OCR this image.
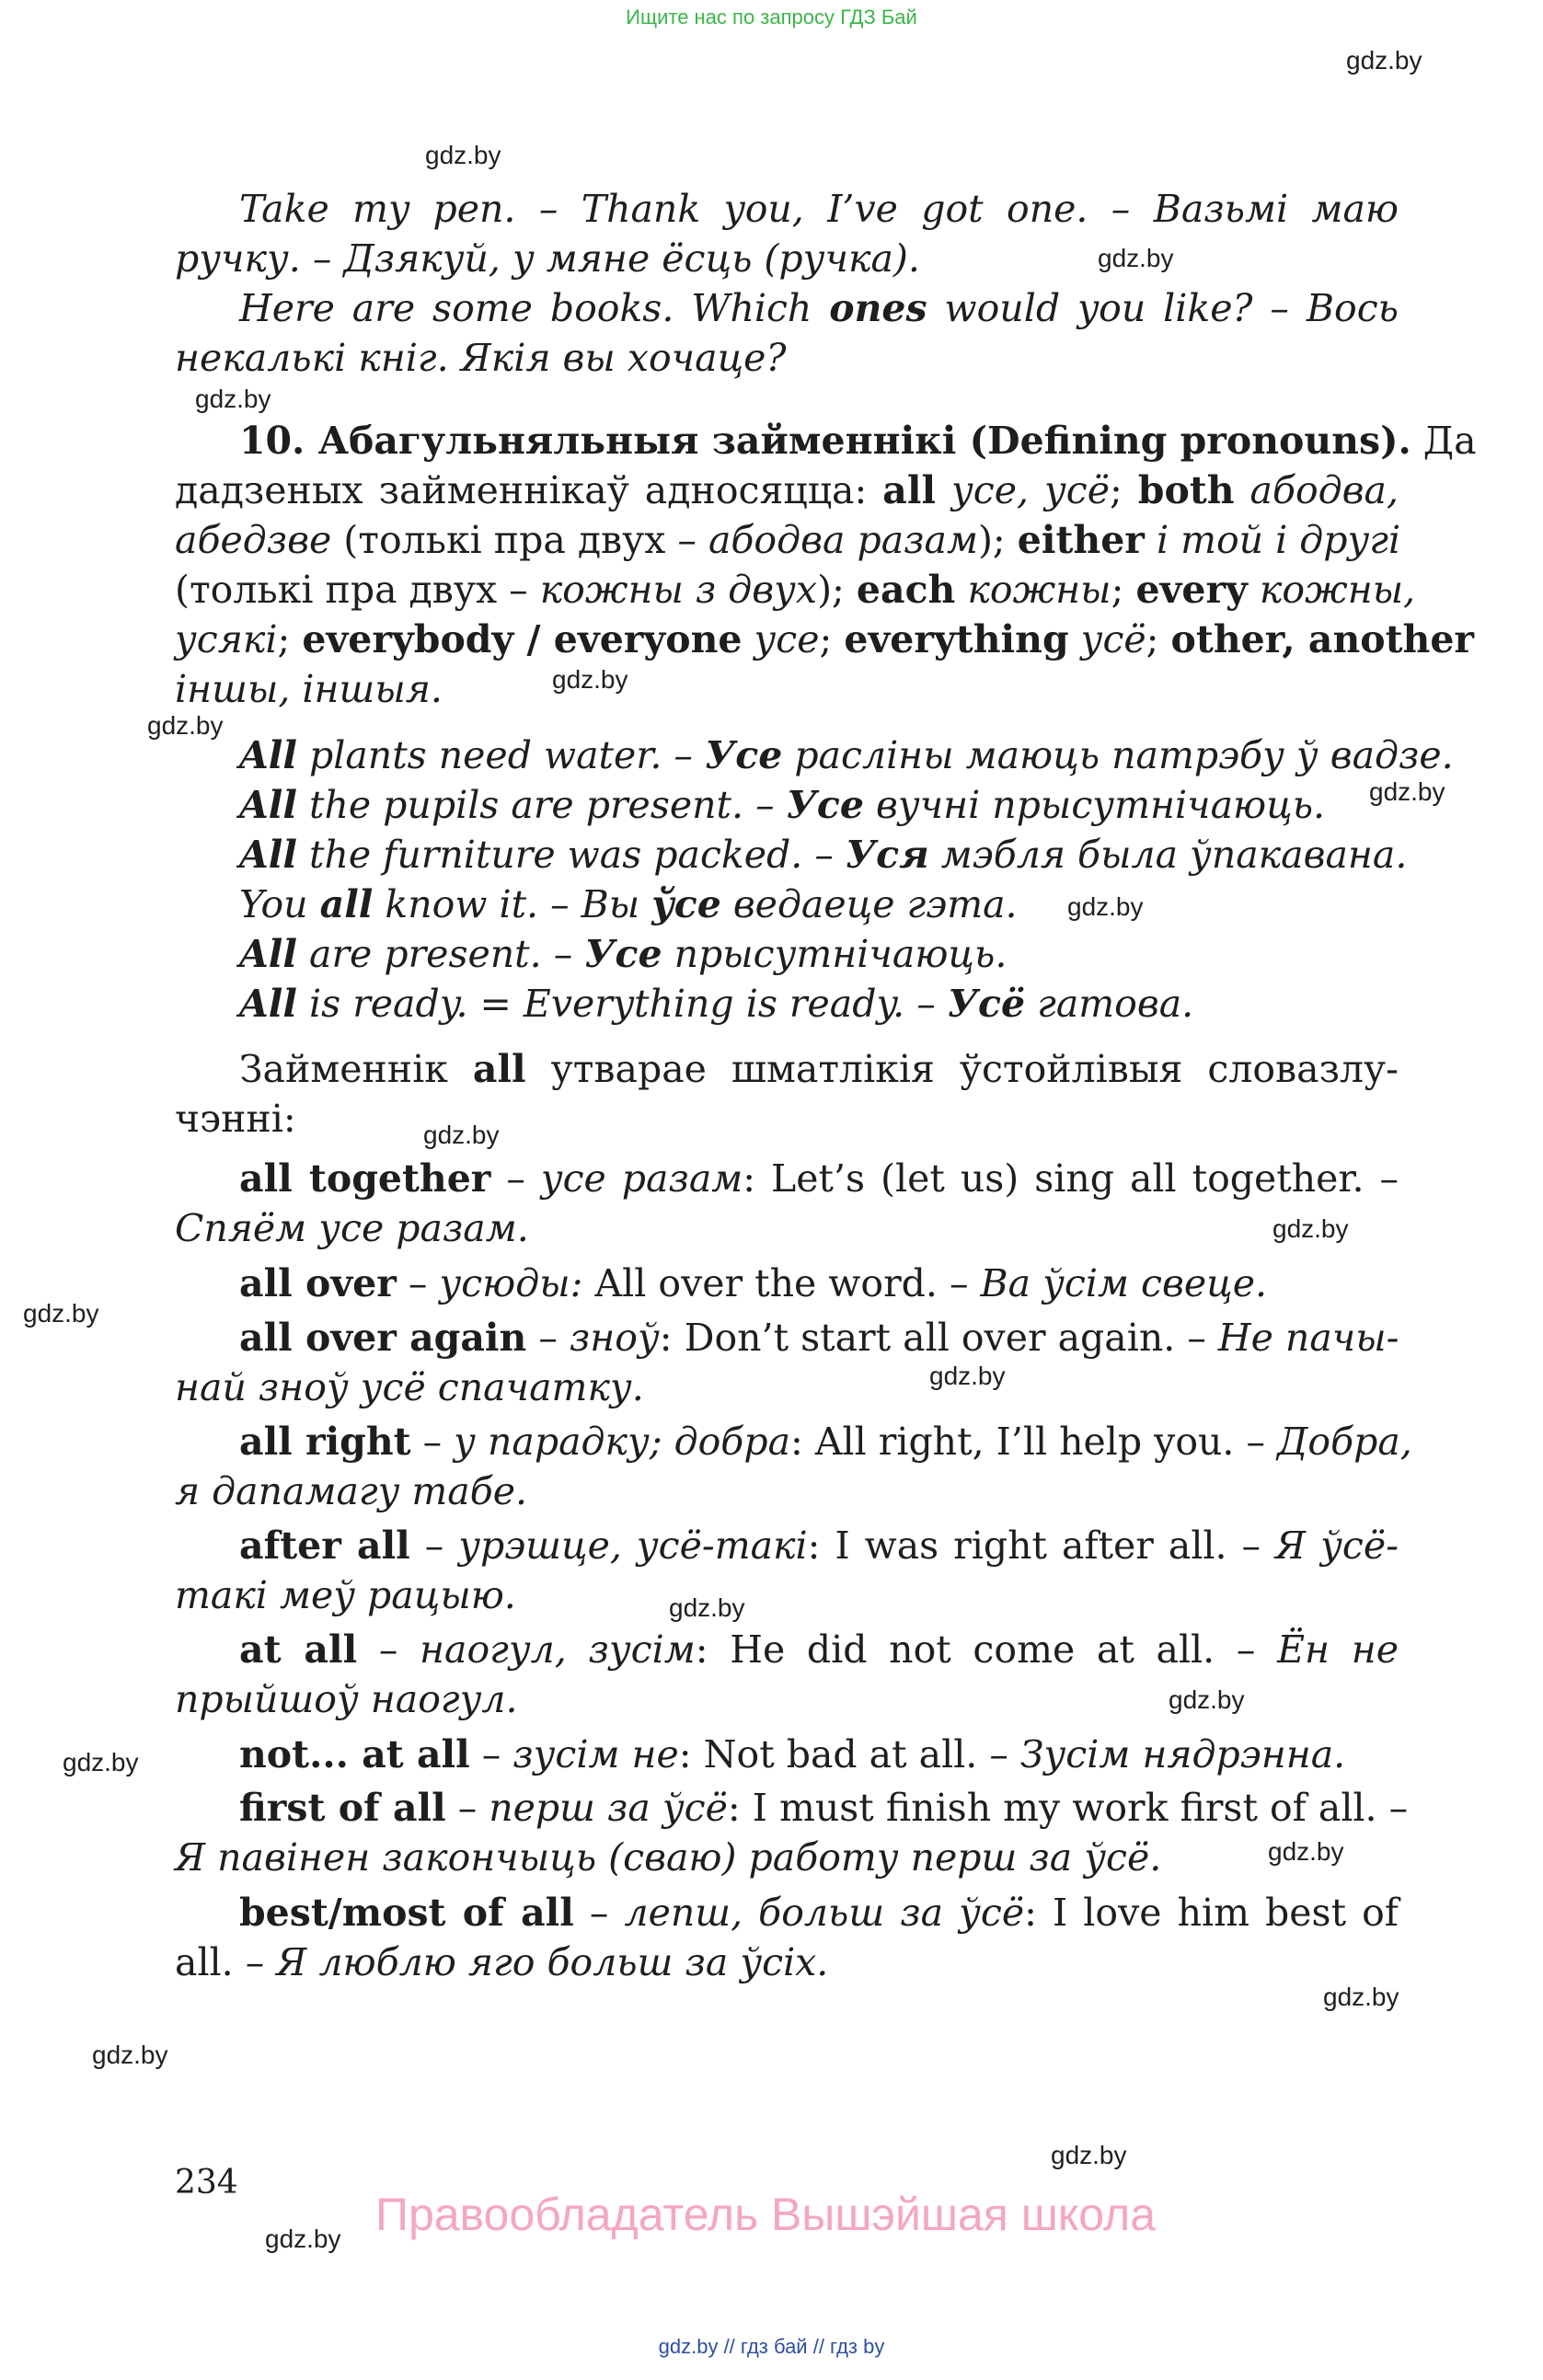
Ищите нас по запросу ГДЗ Бай
gdz.by
gdz.by
gdz.by
gdz.by
gdz.by
gdz.by
gdz.by
gdz.by
gdz.by
gdz.by
gdz.by
gdz.by
gdz.by
gdz.by
gdz.by
gdz.by
gdz.by
gdz.by
gdz.by
gdz.by
Take my pen. – Thank you, I’ve got one. – Вазьмі маю
ручку. – Дзякуй, у мяне ёсць (ручка).
Here are some books. Which ones would you like? – Вось
некалькі кніг. Якія вы хочаце?
10. Абагульняльныя займеннікі (Defining pronouns). Да
дадзеных займеннікаў адносяцца: all усе, усё; both абодва,
абедзве (толькі пра двух – абодва разам); either і той і другі
(толькі пра двух – кожны з двух); each кожны; every кожны,
усякі; everybody / everyone усе; everything усё; other, another
іншы, іншыя.
All plants need water. – Усе расліны маюць патрэбу ў вадзе.
All the pupils are present. – Усе вучні прысутнічаюць.
All the furniture was packed. – Уся мэбля была ўпакавана.
You all know it. – Вы ўсе ведаеце гэта.
All are present. – Усе прысутнічаюць.
All is ready. = Everything is ready. – Усё гатова.
Займеннік all утварае шматлікія ўстойлівыя словазлу-
чэнні:
all together – усе разам: Let’s (let us) sing all together. –
Спяём усе разам.
all over – усюды: All over the word. – Ва ўсім свеце.
all over again – зноў: Don’t start all over again. – Не пачы-
най зноў усё спачатку.
all right – у парадку; добра: All right, I’ll help you. – Добра,
я дапамагу табе.
after all – урэшце, усё-такі: I was right after all. – Я ўсё-
такі меў рацыю.
at all – наогул, зусім: He did not come at all. – Ён не
прыйшоў наогул.
not... at all – зусім не: Not bad at all. – Зусім нядрэнна.
first of all – перш за ўсё: I must finish my work first of all. –
Я павінен закончыць (сваю) работу перш за ўсё.
best/most of all – лепш, больш за ўсё: I love him best of
all. – Я люблю яго больш за ўсіх.
234
Правообладатель Вышэйшая школа
gdz.by // гдз бай // гдз by
